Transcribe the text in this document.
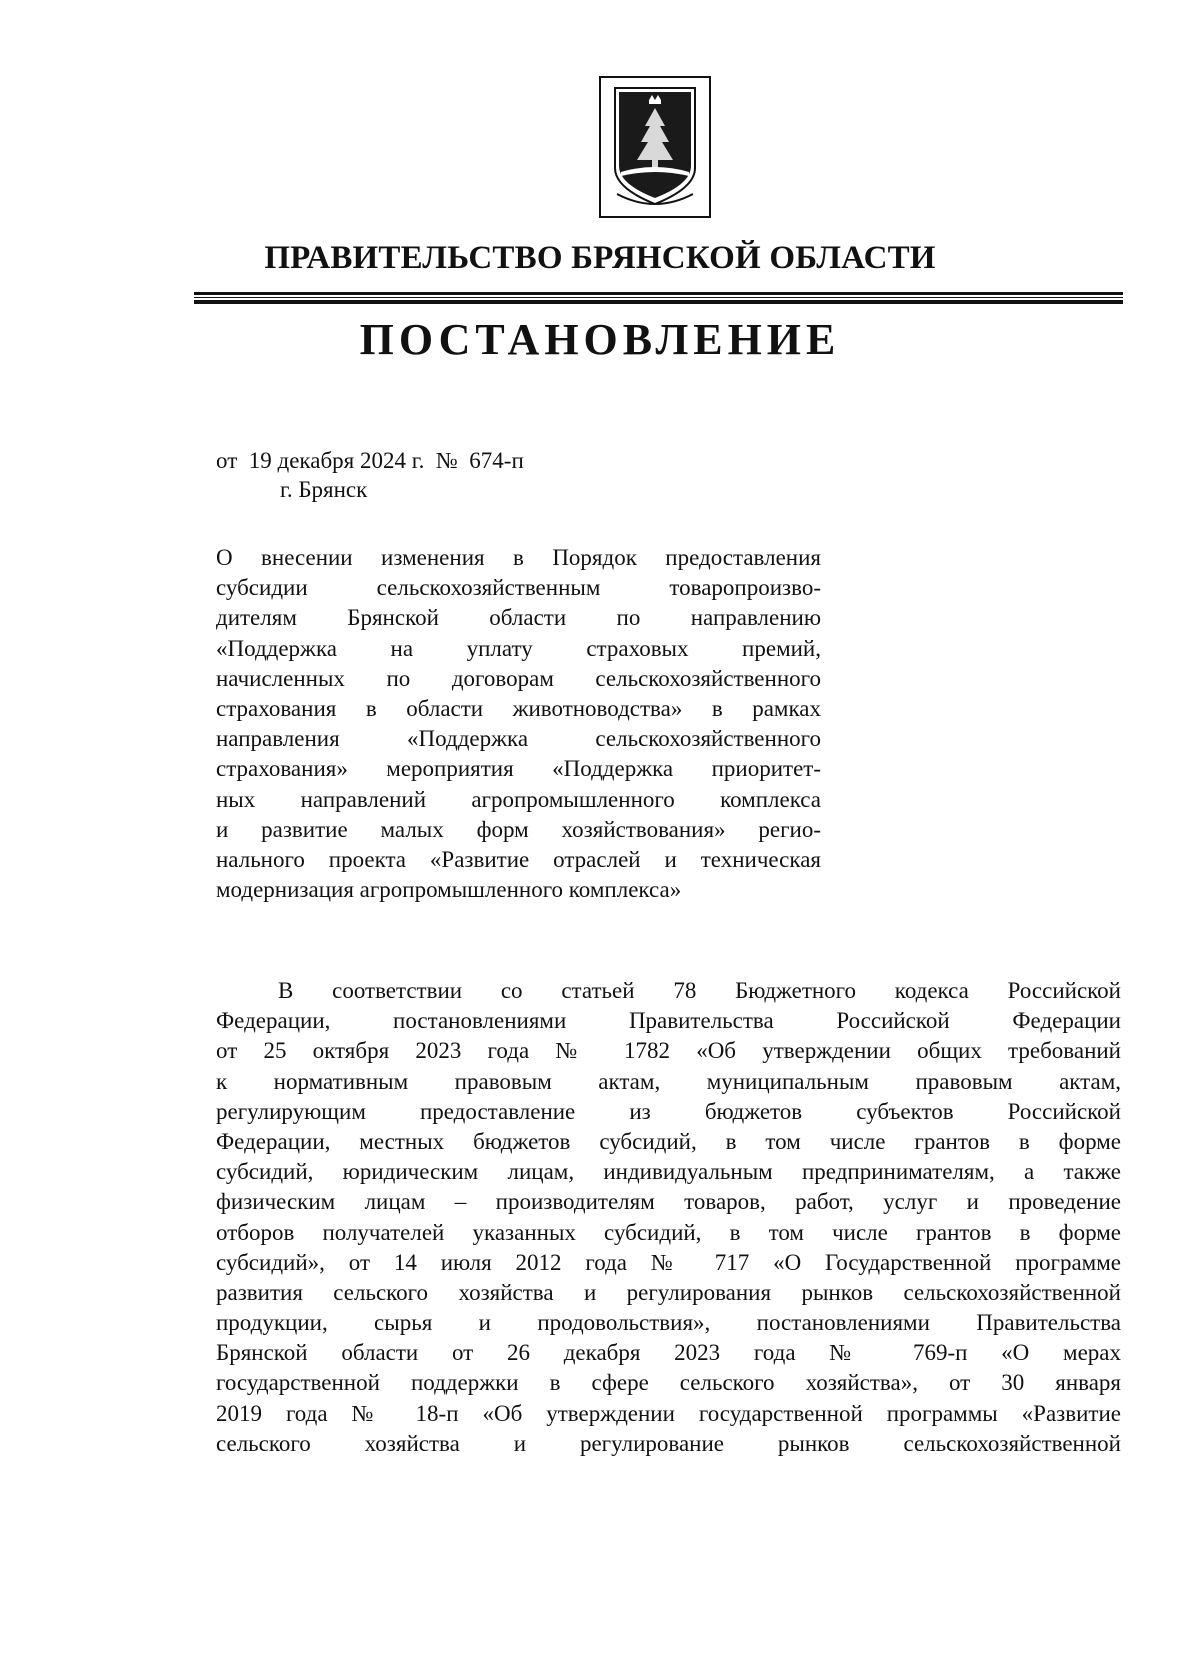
ПРАВИТЕЛЬСТВО БРЯНСКОЙ ОБЛАСТИ
ПОСТАНОВЛЕНИЕ
от 19 декабря 2024 г. № 674-п
г. Брянск
О внесении изменения в Порядок предоставления
субсидии сельскохозяйственным товаропроизво-
дителям Брянской области по направлению
«Поддержка на уплату страховых премий,
начисленных по договорам сельскохозяйственного
страхования в области животноводства» в рамках
направления «Поддержка сельскохозяйственного
страхования» мероприятия «Поддержка приоритет-
ных направлений агропромышленного комплекса
и развитие малых форм хозяйствования» регио-
нального проекта «Развитие отраслей и техническая
модернизация агропромышленного комплекса»
В соответствии со статьей 78 Бюджетного кодекса Российской
Федерации, постановлениями Правительства Российской Федерации
от 25 октября 2023 года № 1782 «Об утверждении общих требований
к нормативным правовым актам, муниципальным правовым актам,
регулирующим предоставление из бюджетов субъектов Российской
Федерации, местных бюджетов субсидий, в том числе грантов в форме
субсидий, юридическим лицам, индивидуальным предпринимателям, а также
физическим лицам – производителям товаров, работ, услуг и проведение
отборов получателей указанных субсидий, в том числе грантов в форме
субсидий», от 14 июля 2012 года № 717 «О Государственной программе
развития сельского хозяйства и регулирования рынков сельскохозяйственной
продукции, сырья и продовольствия», постановлениями Правительства
Брянской области от 26 декабря 2023 года № 769-п «О мерах
государственной поддержки в сфере сельского хозяйства», от 30 января
2019 года № 18-п «Об утверждении государственной программы «Развитие
сельского хозяйства и регулирование рынков сельскохозяйственной
